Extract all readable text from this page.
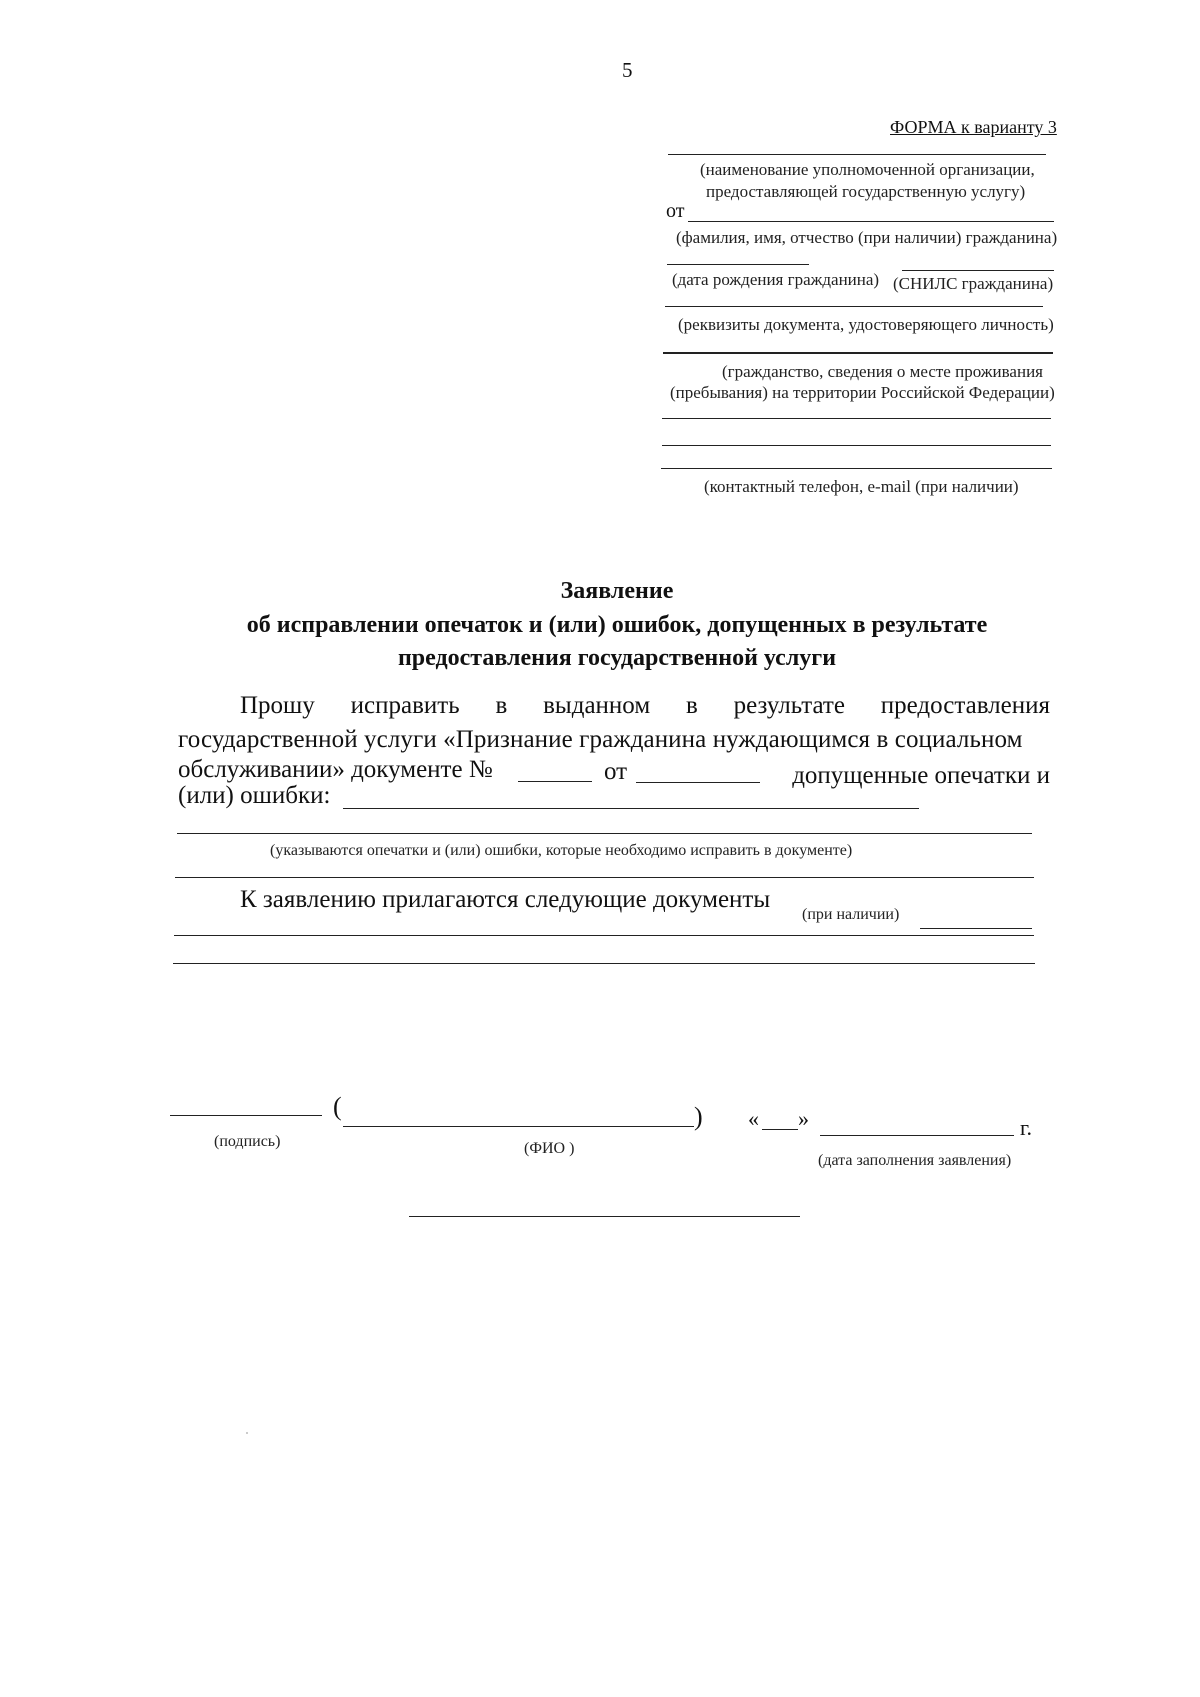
5
ФОРМА к варианту 3
(наименование уполномоченной организации,
предоставляющей государственную услугу)
от
(фамилия, имя, отчество (при наличии) гражданина)
(дата рождения гражданина) (СНИЛС гражданина)
(реквизиты документа, удостоверяющего личность)
(гражданство, сведения о месте проживания
(пребывания) на территории Российской Федерации)
(контактный телефон, e-mail (при наличии)
Заявление
об исправлении опечаток и (или) ошибок, допущенных в результате
предоставления государственной услуги
Прошу исправить в выданном в результате предоставления
государственной услуги «Признание гражданина нуждающимся в социальном
обслуживании» документе №	от	допущенные опечатки и
(или) ошибки:
(указываются опечатки и (или) ошибки, которые необходимо исправить в документе)
К заявлению прилагаются следующие документы
(при наличии)
(	) « »	г.
(подпись)	(ФИО )
(дата заполнения заявления)
